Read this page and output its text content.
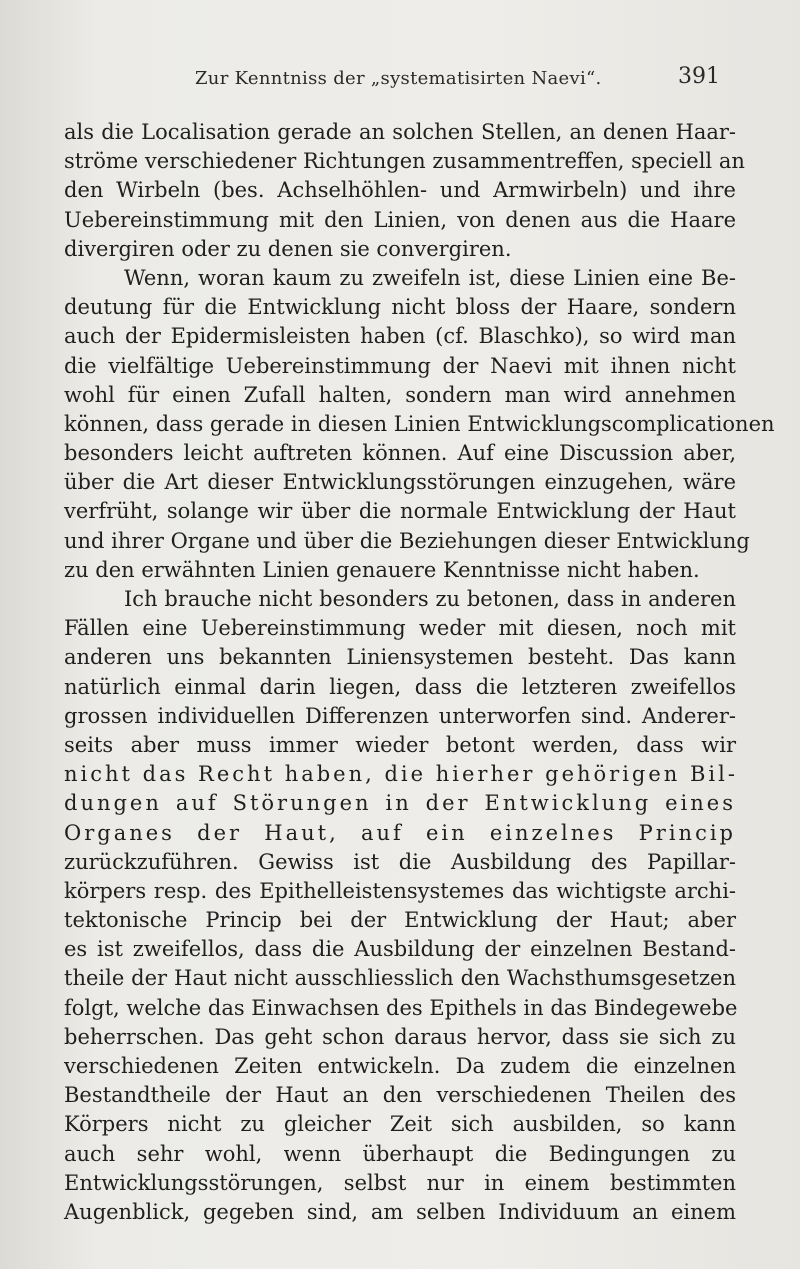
Zur Kenntniss der „systematisirten Naevi“.	391
als die Localisation gerade an solchen Stellen, an denen Haar-
ströme verschiedener Richtungen zusammentreffen, speciell an
den Wirbeln (bes. Achselhöhlen- und Armwirbeln) und ihre
Uebereinstimmung mit den Linien, von denen aus die Haare
divergiren oder zu denen sie convergiren.
Wenn, woran kaum zu zweifeln ist, diese Linien eine Be-
deutung für die Entwicklung nicht bloss der Haare, sondern
auch der Epidermisleisten haben (cf. Blaschko), so wird man
die vielfältige Uebereinstimmung der Naevi mit ihnen nicht
wohl für einen Zufall halten, sondern man wird annehmen
können, dass gerade in diesen Linien Entwicklungscomplicationen
besonders leicht auftreten können. Auf eine Discussion aber,
über die Art dieser Entwicklungsstörungen einzugehen, wäre
verfrüht, solange wir über die normale Entwicklung der Haut
und ihrer Organe und über die Beziehungen dieser Entwicklung
zu den erwähnten Linien genauere Kenntnisse nicht haben.
Ich brauche nicht besonders zu betonen, dass in anderen
Fällen eine Uebereinstimmung weder mit diesen, noch mit
anderen uns bekannten Liniensystemen besteht. Das kann
natürlich einmal darin liegen, dass die letzteren zweifellos
grossen individuellen Differenzen unterworfen sind. Anderer-
seits aber muss immer wieder betont werden, dass wir
nicht das Recht haben, die hierher gehörigen Bil-
dungen auf Störungen in der Entwicklung eines
Organes der Haut, auf ein einzelnes Princip
zurückzuführen. Gewiss ist die Ausbildung des Papillar-
körpers resp. des Epithelleistensystemes das wichtigste archi-
tektonische Princip bei der Entwicklung der Haut; aber
es ist zweifellos, dass die Ausbildung der einzelnen Bestand-
theile der Haut nicht ausschliesslich den Wachsthumsgesetzen
folgt, welche das Einwachsen des Epithels in das Bindegewebe
beherrschen. Das geht schon daraus hervor, dass sie sich zu
verschiedenen Zeiten entwickeln. Da zudem die einzelnen
Bestandtheile der Haut an den verschiedenen Theilen des
Körpers nicht zu gleicher Zeit sich ausbilden, so kann
auch sehr wohl, wenn überhaupt die Bedingungen zu
Entwicklungsstörungen, selbst nur in einem bestimmten
Augenblick, gegeben sind, am selben Individuum an einem
